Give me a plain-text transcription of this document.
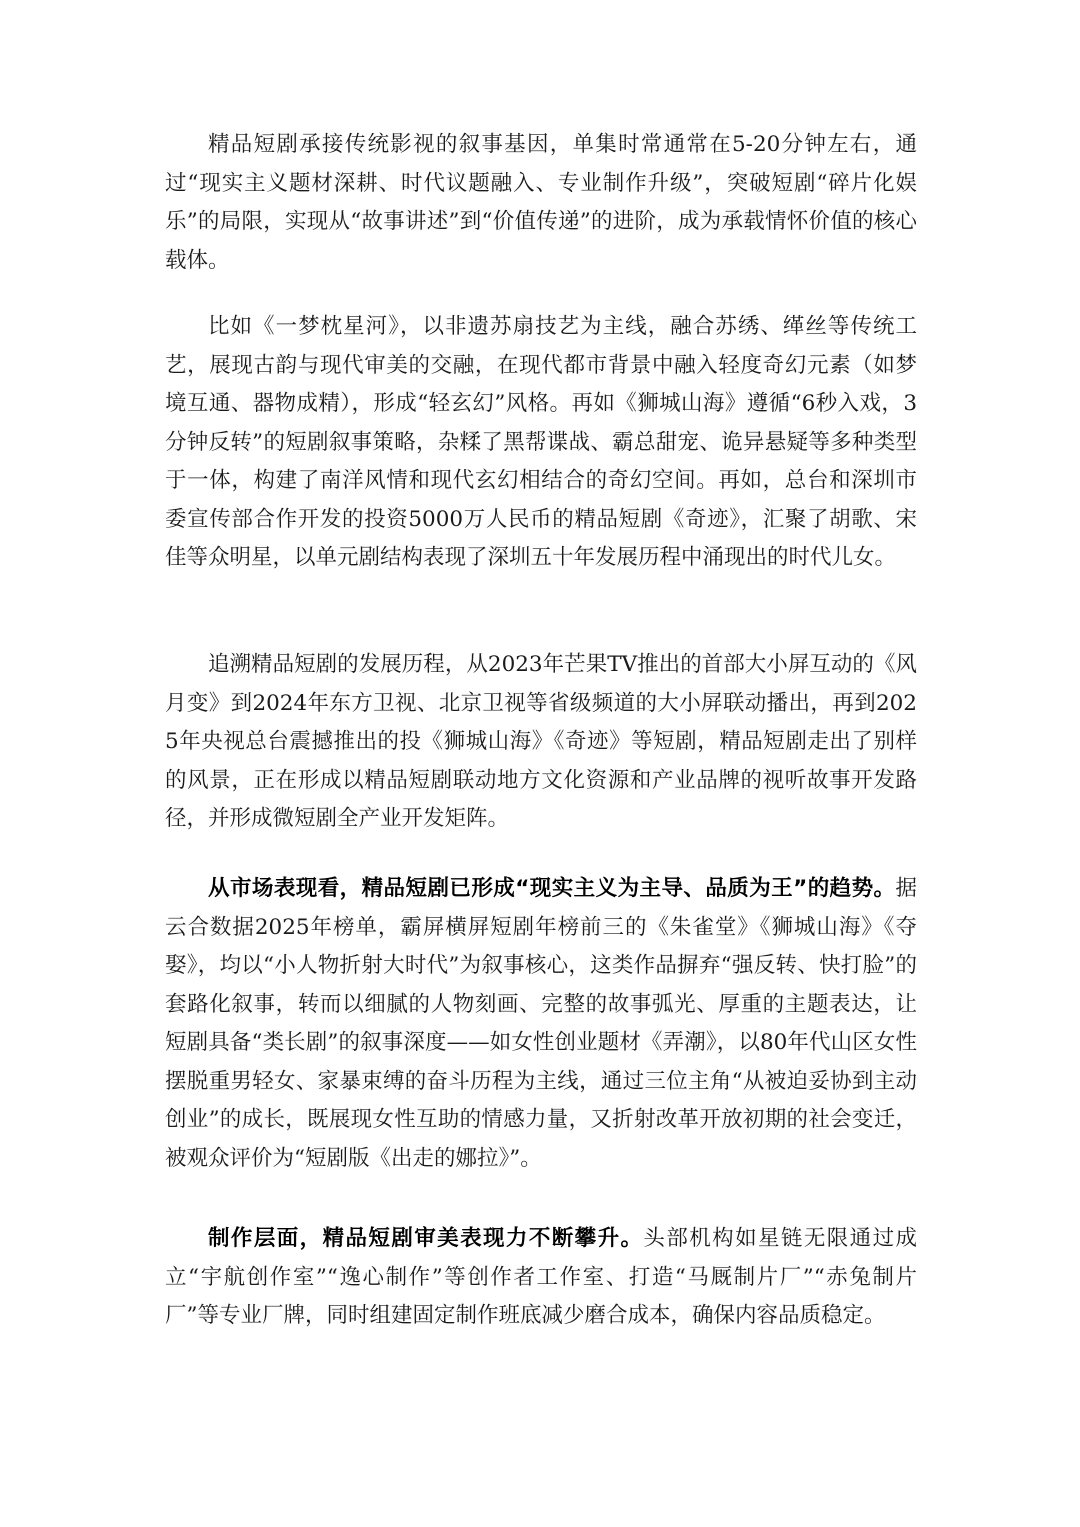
精品短剧承接传统影视的叙事基因，单集时常通常在5-20分钟左右，通过“现实主义题材深耕、时代议题融入、专业制作升级”，突破短剧“碎片化娱乐”的局限，实现从“故事讲述”到“价值传递”的进阶，成为承载情怀价值的核心载体。

比如《一梦枕星河》，以非遗苏扇技艺为主线，融合苏绣、缂丝等传统工艺，展现古韵与现代审美的交融，在现代都市背景中融入轻度奇幻元素（如梦境互通、器物成精），形成“轻玄幻”风格。再如《狮城山海》遵循“6秒入戏，3分钟反转”的短剧叙事策略，杂糅了黑帮谍战、霸总甜宠、诡异悬疑等多种类型于一体，构建了南洋风情和现代玄幻相结合的奇幻空间。再如，总台和深圳市委宣传部合作开发的投资5000万人民币的精品短剧《奇迹》，汇聚了胡歌、宋佳等众明星，以单元剧结构表现了深圳五十年发展历程中涌现出的时代儿女。

追溯精品短剧的发展历程，从2023年芒果TV推出的首部大小屏互动的《风月变》到2024年东方卫视、北京卫视等省级频道的大小屏联动播出，再到2025年央视总台震撼推出的投《狮城山海》《奇迹》等短剧，精品短剧走出了别样的风景，正在形成以精品短剧联动地方文化资源和产业品牌的视听故事开发路径，并形成微短剧全产业开发矩阵。

从市场表现看，精品短剧已形成“现实主义为主导、品质为王”的趋势。据云合数据2025年榜单，霸屏横屏短剧年榜前三的《朱雀堂》《狮城山海》《夺娶》，均以“小人物折射大时代”为叙事核心，这类作品摒弃“强反转、快打脸”的套路化叙事，转而以细腻的人物刻画、完整的故事弧光、厚重的主题表达，让短剧具备“类长剧”的叙事深度——如女性创业题材《弄潮》，以80年代山区女性摆脱重男轻女、家暴束缚的奋斗历程为主线，通过三位主角“从被迫妥协到主动创业”的成长，既展现女性互助的情感力量，又折射改革开放初期的社会变迁，被观众评价为“短剧版《出走的娜拉》”。

制作层面，精品短剧审美表现力不断攀升。头部机构如星链无限通过成立“宇航创作室”“逸心制作”等创作者工作室、打造“马厩制片厂”“赤兔制片厂”等专业厂牌，同时组建固定制作班底减少磨合成本，确保内容品质稳定。
